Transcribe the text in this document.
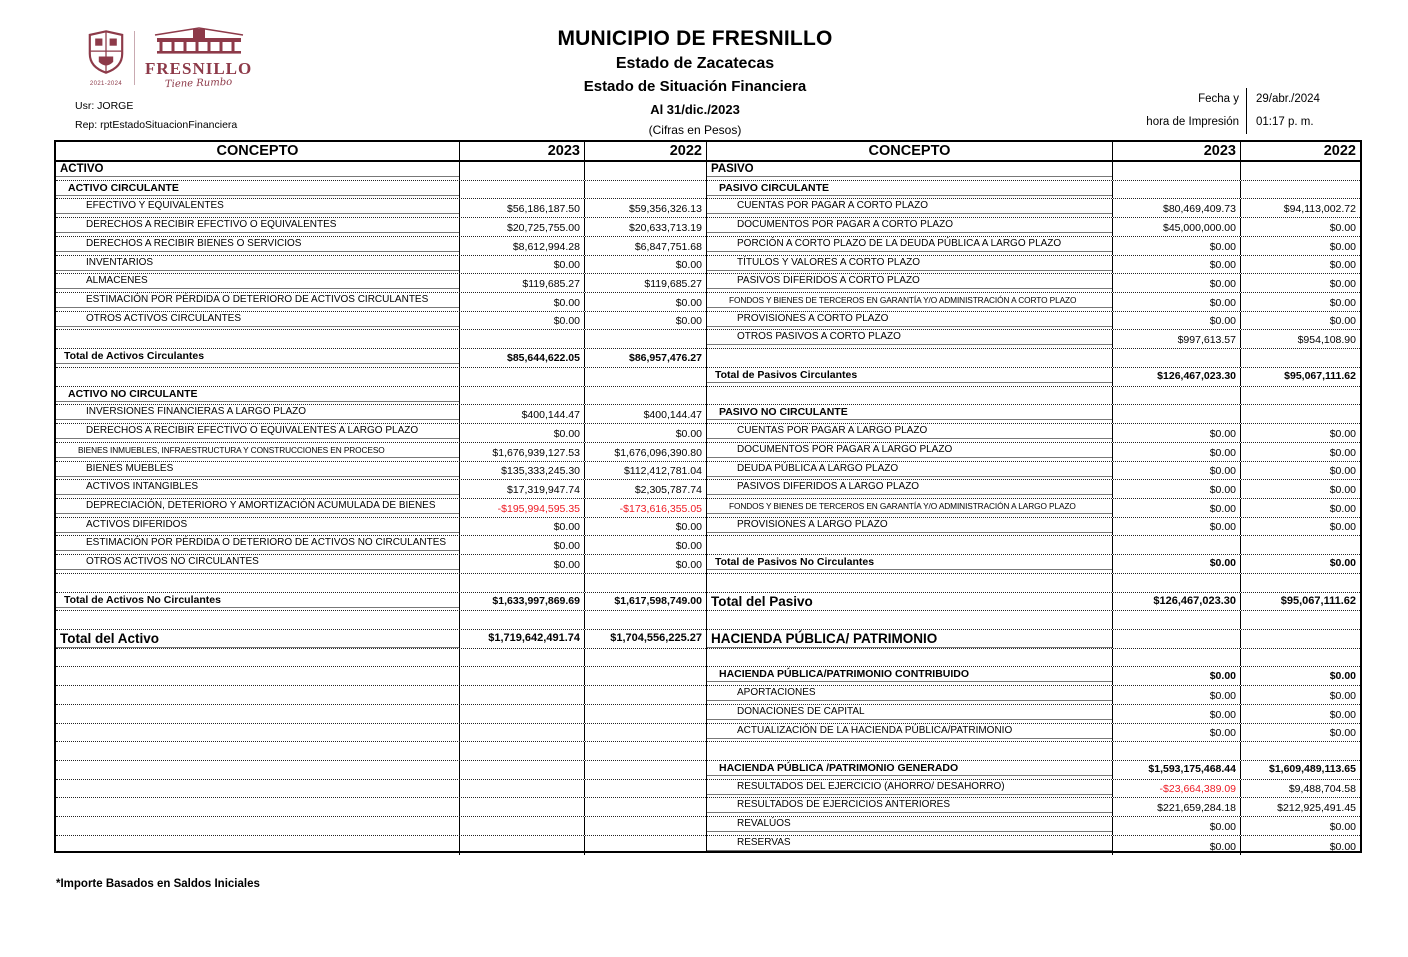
2021-2024
FRESNILLO
Tiene Rumbo
Usr: JORGE
Rep: rptEstadoSituacionFinanciera
MUNICIPIO DE FRESNILLO
Estado de Zacatecas
Estado de Situación Financiera
Al 31/dic./2023
(Cifras en Pesos)
Fecha y
hora de Impresión
29/abr./2024
01:17 p. m.
CONCEPTO	2023	2022
ACTIVO
ACTIVO CIRCULANTE
EFECTIVO Y EQUIVALENTES	$56,186,187.50	$59,356,326.13
DERECHOS A RECIBIR EFECTIVO O EQUIVALENTES	$20,725,755.00	$20,633,713.19
DERECHOS A RECIBIR BIENES O SERVICIOS	$8,612,994.28	$6,847,751.68
INVENTARIOS	$0.00	$0.00
ALMACENES	$119,685.27	$119,685.27
ESTIMACIÓN POR PÉRDIDA O DETERIORO DE ACTIVOS CIRCULANTES	$0.00	$0.00
OTROS ACTIVOS CIRCULANTES	$0.00	$0.00
Total de Activos Circulantes	$85,644,622.05	$86,957,476.27
ACTIVO NO CIRCULANTE
INVERSIONES FINANCIERAS A LARGO PLAZO	$400,144.47	$400,144.47
DERECHOS A RECIBIR EFECTIVO O EQUIVALENTES A LARGO PLAZO	$0.00	$0.00
BIENES INMUEBLES, INFRAESTRUCTURA Y CONSTRUCCIONES EN PROCESO	$1,676,939,127.53	$1,676,096,390.80
BIENES MUEBLES	$135,333,245.30	$112,412,781.04
ACTIVOS INTANGIBLES	$17,319,947.74	$2,305,787.74
DEPRECIACIÓN, DETERIORO Y AMORTIZACIÓN ACUMULADA DE BIENES	-$195,994,595.35	-$173,616,355.05
ACTIVOS DIFERIDOS	$0.00	$0.00
ESTIMACIÓN POR PÉRDIDA O DETERIORO DE ACTIVOS NO CIRCULANTES	$0.00	$0.00
OTROS ACTIVOS NO CIRCULANTES	$0.00	$0.00
Total de Activos No Circulantes	$1,633,997,869.69	$1,617,598,749.00
Total del Activo	$1,719,642,491.74	$1,704,556,225.27
CONCEPTO	2023	2022
PASIVO
PASIVO CIRCULANTE
CUENTAS POR PAGAR A CORTO PLAZO	$80,469,409.73	$94,113,002.72
DOCUMENTOS POR PAGAR A CORTO PLAZO	$45,000,000.00	$0.00
PORCIÓN A CORTO PLAZO DE LA DEUDA PÚBLICA A LARGO PLAZO	$0.00	$0.00
TÍTULOS Y VALORES A CORTO PLAZO	$0.00	$0.00
PASIVOS DIFERIDOS A CORTO PLAZO	$0.00	$0.00
FONDOS Y BIENES DE TERCEROS EN GARANTÍA Y/O ADMINISTRACIÓN A CORTO PLAZO	$0.00	$0.00
PROVISIONES A CORTO PLAZO	$0.00	$0.00
OTROS PASIVOS A CORTO PLAZO	$997,613.57	$954,108.90
Total de Pasivos Circulantes	$126,467,023.30	$95,067,111.62
PASIVO NO CIRCULANTE
CUENTAS POR PAGAR A LARGO PLAZO	$0.00	$0.00
DOCUMENTOS POR PAGAR A LARGO PLAZO	$0.00	$0.00
DEUDA PÚBLICA A LARGO PLAZO	$0.00	$0.00
PASIVOS DIFERIDOS A LARGO PLAZO	$0.00	$0.00
FONDOS Y BIENES DE TERCEROS EN GARANTÍA Y/O ADMINISTRACIÓN A LARGO PLAZO	$0.00	$0.00
PROVISIONES A LARGO PLAZO	$0.00	$0.00
Total de Pasivos No Circulantes	$0.00	$0.00
Total del Pasivo	$126,467,023.30	$95,067,111.62
HACIENDA PÚBLICA/ PATRIMONIO
HACIENDA PÚBLICA/PATRIMONIO CONTRIBUIDO	$0.00	$0.00
APORTACIONES	$0.00	$0.00
DONACIONES DE CAPITAL	$0.00	$0.00
ACTUALIZACIÓN DE LA HACIENDA PÚBLICA/PATRIMONIO	$0.00	$0.00
HACIENDA PÚBLICA /PATRIMONIO GENERADO	$1,593,175,468.44	$1,609,489,113.65
RESULTADOS DEL EJERCICIO (AHORRO/ DESAHORRO)	-$23,664,389.09	$9,488,704.58
RESULTADOS DE EJERCICIOS ANTERIORES	$221,659,284.18	$212,925,491.45
REVALÚOS	$0.00	$0.00
RESERVAS	$0.00	$0.00
*Importe Basados en Saldos Iniciales
